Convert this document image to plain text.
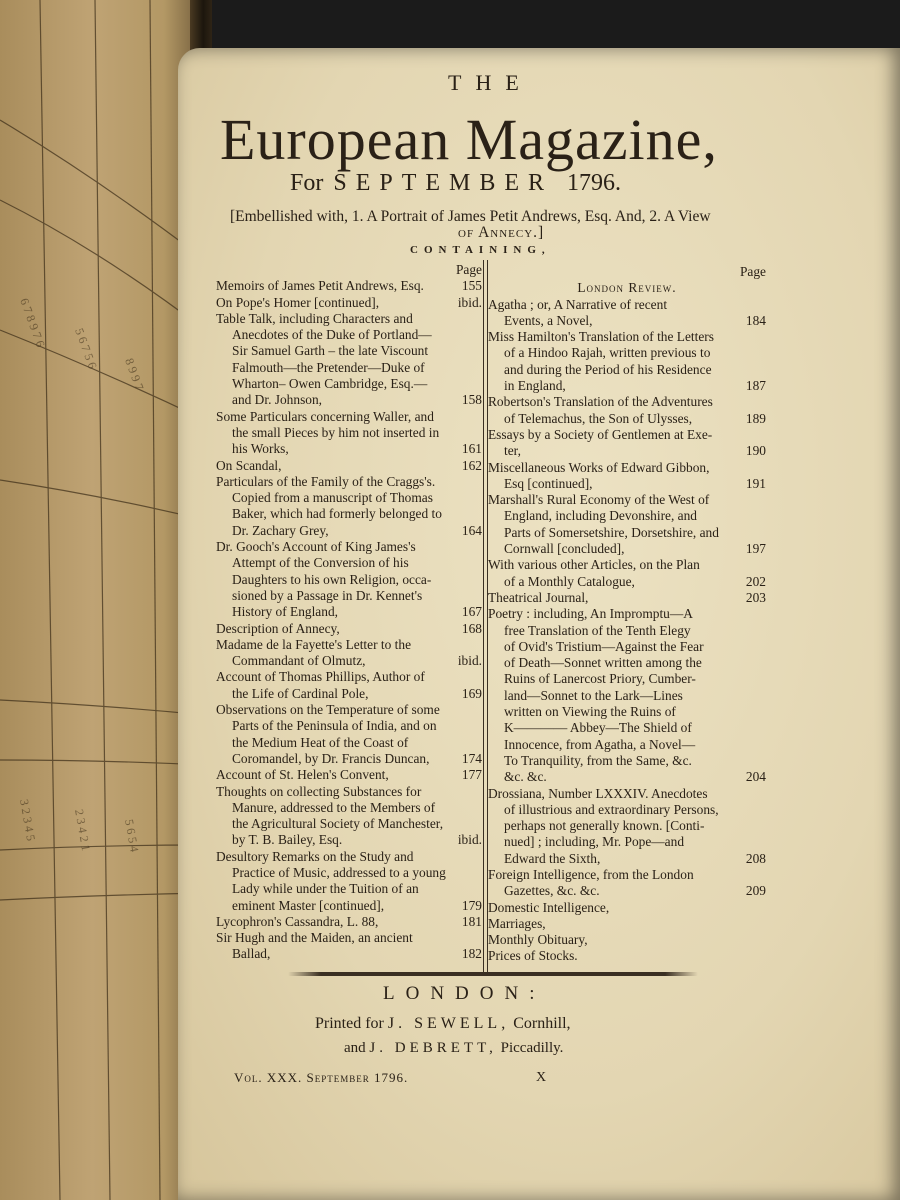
6 7 8 9 7 6 5 6 7 5 6
8 9 9 7
3 2 3 4 5	2 3 4 2 1 5 6 5 4
THE
European Magazine,
For SEPTEMBER 1796.
[Embellished with, 1. A Portrait of James Petit Andrews, Esq. And, 2. A View
of Annecy.]
CONTAINING,
Page
Memoirs of James Petit Andrews, Esq.	155
On Pope's Homer [continued],	ibid.
Table Talk, including Characters and
Anecdotes of the Duke of Portland—
Sir Samuel Garth – the late Viscount
Falmouth—the Pretender—Duke of
Wharton– Owen Cambridge, Esq.—
and Dr. Johnson,	158
Some Particulars concerning Waller, and
the small Pieces by him not inserted in
his Works,	161
On Scandal,	162
Particulars of the Family of the Craggs's.
Copied from a manuscript of Thomas
Baker, which had formerly belonged to
Dr. Zachary Grey,	164
Dr. Gooch's Account of King James's
Attempt of the Conversion of his
Daughters to his own Religion, occa-
sioned by a Passage in Dr. Kennet's
History of England,	167
Description of Annecy,	168
Madame de la Fayette's Letter to the
Commandant of Olmutz,	ibid.
Account of Thomas Phillips, Author of
the Life of Cardinal Pole,	169
Observations on the Temperature of some
Parts of the Peninsula of India, and on
the Medium Heat of the Coast of
Coromandel, by Dr. Francis Duncan, 174
Account of St. Helen's Convent,	177
Thoughts on collecting Substances for
Manure, addressed to the Members of
the Agricultural Society of Manchester,
by T. B. Bailey, Esq.	ibid.
Desultory Remarks on the Study and
Practice of Music, addressed to a young
Lady while under the Tuition of an
eminent Master [continued],	179
Lycophron's Cassandra, L. 88,	181
Sir Hugh and the Maiden, an ancient
Ballad,	182
Page
London Review.
Agatha ; or, A Narrative of recent
Events, a Novel,	184
Miss Hamilton's Translation of the Letters
of a Hindoo Rajah, written previous to
and during the Period of his Residence
in England,	187
Robertson's Translation of the Adventures
of Telemachus, the Son of Ulysses,	189
Essays by a Society of Gentlemen at Exe-
ter,	190
Miscellaneous Works of Edward Gibbon,
Esq [continued],	191
Marshall's Rural Economy of the West of
England, including Devonshire, and
Parts of Somersetshire, Dorsetshire, and
Cornwall [concluded],	197
With various other Articles, on the Plan
of a Monthly Catalogue,	202
Theatrical Journal,	203
Poetry : including, An Impromptu—A
free Translation of the Tenth Elegy
of Ovid's Tristium—Against the Fear
of Death—Sonnet written among the
Ruins of Lanercost Priory, Cumber-
land—Sonnet to the Lark—Lines
written on Viewing the Ruins of
K———— Abbey—The Shield of
Innocence, from Agatha, a Novel—
To Tranquility, from the Same, &c.
&c. &c.	204
Drossiana, Number LXXXIV. Anecdotes
of illustrious and extraordinary Persons,
perhaps not generally known. [Conti-
nued] ; including, Mr. Pope—and
Edward the Sixth,	208
Foreign Intelligence, from the London
Gazettes, &c. &c.	209
Domestic Intelligence,
Marriages,
Monthly Obituary,
Prices of Stocks.
LONDON:
Printed for J. SEWELL, Cornhill,
and J. DEBRETT, Piccadilly.
Vol. XXX. September 1796.	X
